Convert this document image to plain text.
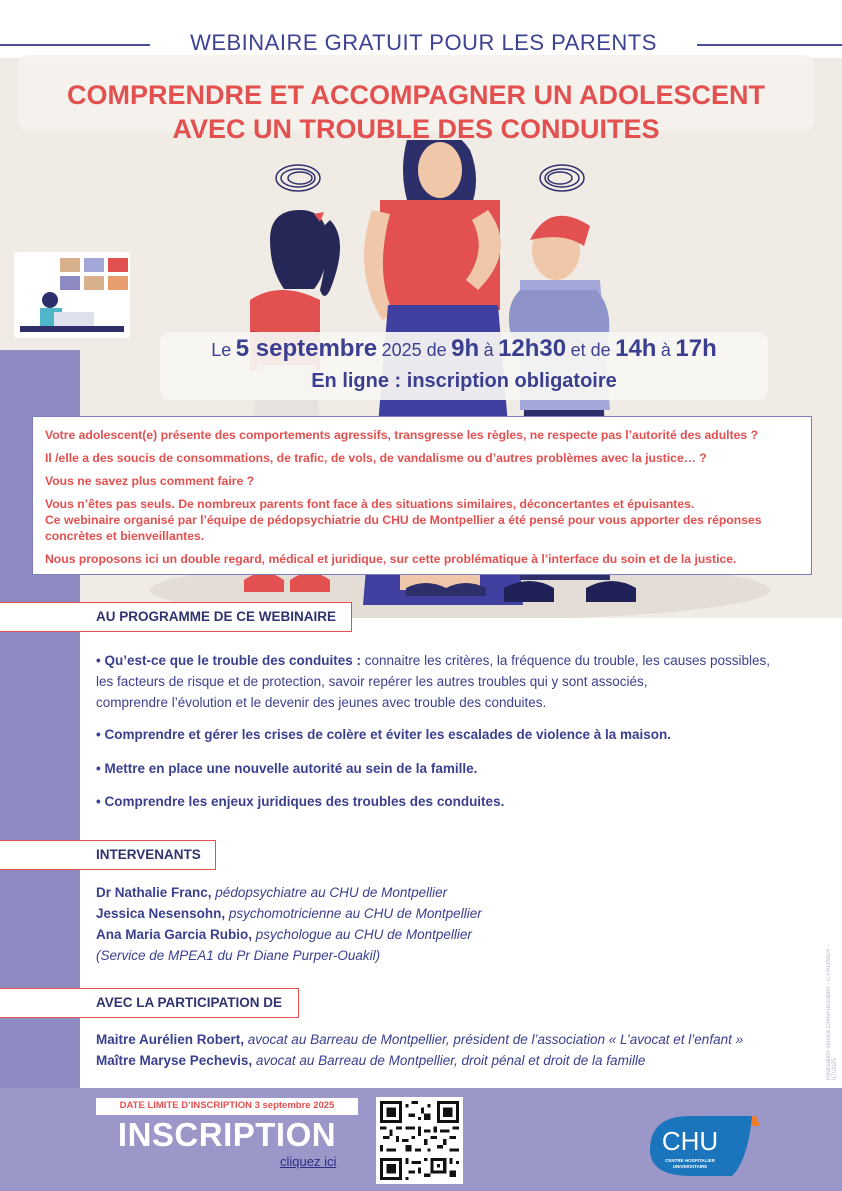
WEBINAIRE GRATUIT POUR LES PARENTS
COMPRENDRE ET ACCOMPAGNER UN ADOLESCENT
AVEC UN TROUBLE DES CONDUITES
Le 5 septembre 2025 de 9h à 12h30 et de 14h à 17h
En ligne : inscription obligatoire

Votre adolescent(e) présente des comportements agressifs, transgresse les règles, ne respecte pas l’autorité des adultes ?

Il /elle a des soucis de consommations, de trafic, de vols, de vandalisme ou d’autres problèmes avec la justice… ?

Vous ne savez plus comment faire ?

Vous n’êtes pas seuls. De nombreux parents font face à des situations similaires, déconcertantes et épuisantes.

Ce webinaire organisé par l’équipe de pédopsychiatrie du CHU de Montpellier a été pensé pour vous apporter des réponses concrètes et bienveillantes.

Nous proposons ici un double regard, médical et juridique, sur cette problématique à l’interface du soin et de la justice.

AU PROGRAMME DE CE WEBINAIRE
• Qu’est-ce que le trouble des conduites : connaitre les critères, la fréquence du trouble, les causes possibles,
les facteurs de risque et de protection, savoir repérer les autres troubles qui y sont associés,
comprendre l’évolution et le devenir des jeunes avec trouble des conduites.
• Comprendre et gérer les crises de colère et éviter les escalades de violence à la maison.
• Mettre en place une nouvelle autorité au sein de la famille.
• Comprendre les enjeux juridiques des troubles des conduites.
INTERVENANTS
Dr Nathalie Franc, pédopsychiatre au CHU de Montpellier
Jessica Nesensohn, psychomotricienne au CHU de Montpellier
Ana Maria Garcia Rubio, psychologue au CHU de Montpellier
(Service de MPEA1 du Pr Diane Purper-Ouakil)
AVEC LA PARTICIPATION DE
Maitre Aurélien Robert, avocat au Barreau de Montpellier, président de l’association « L’avocat et l’enfant »
Maître Maryse Pechevis, avocat au Barreau de Montpellier, droit pénal et droit de la famille
DATE LIMITE D’INSCRIPTION 3 septembre 2025
INSCRIPTION
cliquez ici
CHU
CENTRE HOSPITALIER
UNIVERSITAIRE
Réalisation service Communication - C.PAGNIER - 07/2025
